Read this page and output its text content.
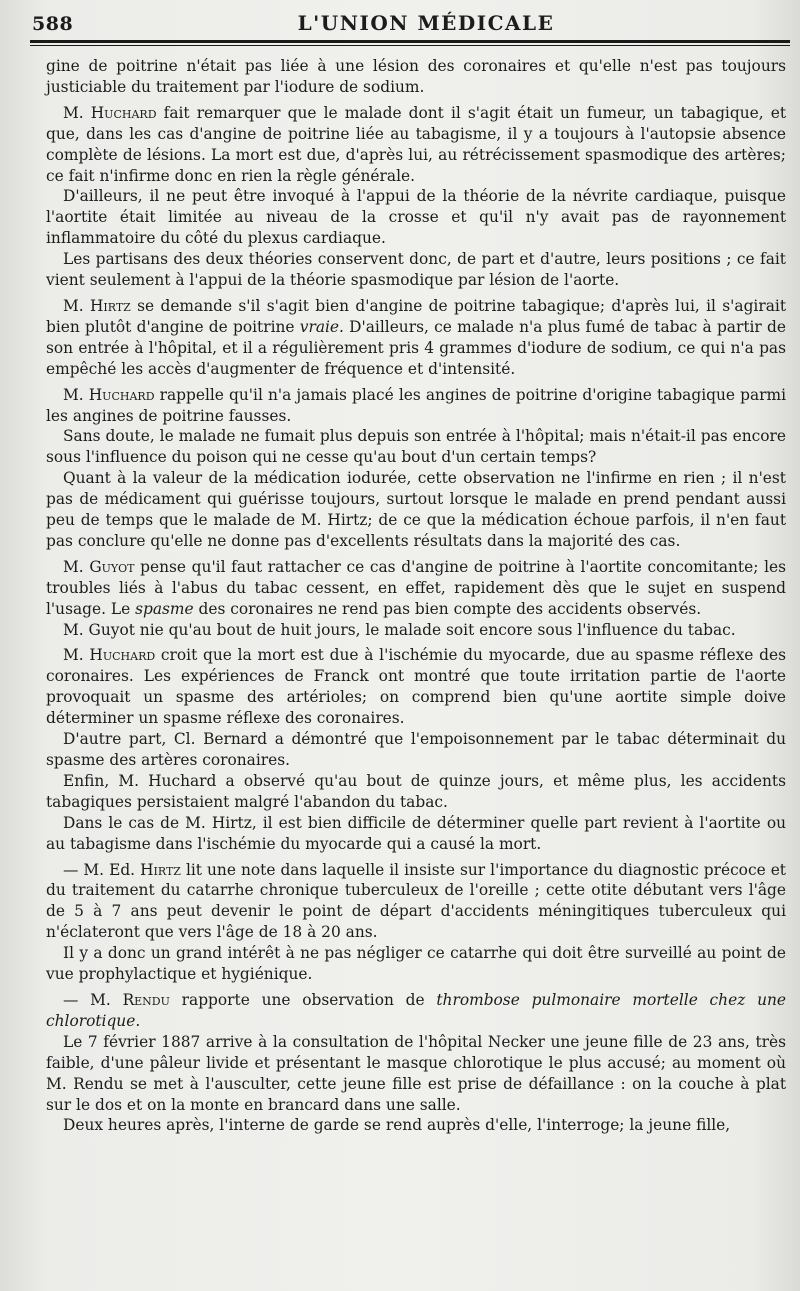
588	L'UNION MÉDICALE

gine de poitrine n'était pas liée à une lésion des coronaires et qu'elle n'est pas toujours justiciable du traitement par l'iodure de sodium.

M. Huchard fait remarquer que le malade dont il s'agit était un fumeur, un tabagique, et que, dans les cas d'angine de poitrine liée au tabagisme, il y a toujours à l'autopsie absence complète de lésions. La mort est due, d'après lui, au rétrécissement spasmodique des artères; ce fait n'infirme donc en rien la règle générale.

D'ailleurs, il ne peut être invoqué à l'appui de la théorie de la névrite cardiaque, puisque l'aortite était limitée au niveau de la crosse et qu'il n'y avait pas de rayonnement inflammatoire du côté du plexus cardiaque.

Les partisans des deux théories conservent donc, de part et d'autre, leurs positions ; ce fait vient seulement à l'appui de la théorie spasmodique par lésion de l'aorte.

M. Hirtz se demande s'il s'agit bien d'angine de poitrine tabagique; d'après lui, il s'agirait bien plutôt d'angine de poitrine vraie. D'ailleurs, ce malade n'a plus fumé de tabac à partir de son entrée à l'hôpital, et il a régulièrement pris 4 grammes d'iodure de sodium, ce qui n'a pas empêché les accès d'augmenter de fréquence et d'intensité.

M. Huchard rappelle qu'il n'a jamais placé les angines de poitrine d'origine tabagique parmi les angines de poitrine fausses.

Sans doute, le malade ne fumait plus depuis son entrée à l'hôpital; mais n'était-il pas encore sous l'influence du poison qui ne cesse qu'au bout d'un certain temps?

Quant à la valeur de la médication iodurée, cette observation ne l'infirme en rien ; il n'est pas de médicament qui guérisse toujours, surtout lorsque le malade en prend pendant aussi peu de temps que le malade de M. Hirtz; de ce que la médication échoue parfois, il n'en faut pas conclure qu'elle ne donne pas d'excellents résultats dans la majorité des cas.

M. Guyot pense qu'il faut rattacher ce cas d'angine de poitrine à l'aortite concomitante; les troubles liés à l'abus du tabac cessent, en effet, rapidement dès que le sujet en suspend l'usage. Le spasme des coronaires ne rend pas bien compte des accidents observés.

M. Guyot nie qu'au bout de huit jours, le malade soit encore sous l'influence du tabac.

M. Huchard croit que la mort est due à l'ischémie du myocarde, due au spasme réflexe des coronaires. Les expériences de Franck ont montré que toute irritation partie de l'aorte provoquait un spasme des artérioles; on comprend bien qu'une aortite simple doive déterminer un spasme réflexe des coronaires.

D'autre part, Cl. Bernard a démontré que l'empoisonnement par le tabac déterminait du spasme des artères coronaires.

Enfin, M. Huchard a observé qu'au bout de quinze jours, et même plus, les accidents tabagiques persistaient malgré l'abandon du tabac.

Dans le cas de M. Hirtz, il est bien difficile de déterminer quelle part revient à l'aortite ou au tabagisme dans l'ischémie du myocarde qui a causé la mort.

— M. Ed. Hirtz lit une note dans laquelle il insiste sur l'importance du diagnostic précoce et du traitement du catarrhe chronique tuberculeux de l'oreille ; cette otite débutant vers l'âge de 5 à 7 ans peut devenir le point de départ d'accidents méningitiques tuberculeux qui n'éclateront que vers l'âge de 18 à 20 ans.

Il y a donc un grand intérêt à ne pas négliger ce catarrhe qui doit être surveillé au point de vue prophylactique et hygiénique.

— M. Rendu rapporte une observation de thrombose pulmonaire mortelle chez une chlorotique.

Le 7 février 1887 arrive à la consultation de l'hôpital Necker une jeune fille de 23 ans, très faible, d'une pâleur livide et présentant le masque chlorotique le plus accusé; au moment où M. Rendu se met à l'ausculter, cette jeune fille est prise de défaillance : on la couche à plat sur le dos et on la monte en brancard dans une salle.

Deux heures après, l'interne de garde se rend auprès d'elle, l'interroge; la jeune fille,
